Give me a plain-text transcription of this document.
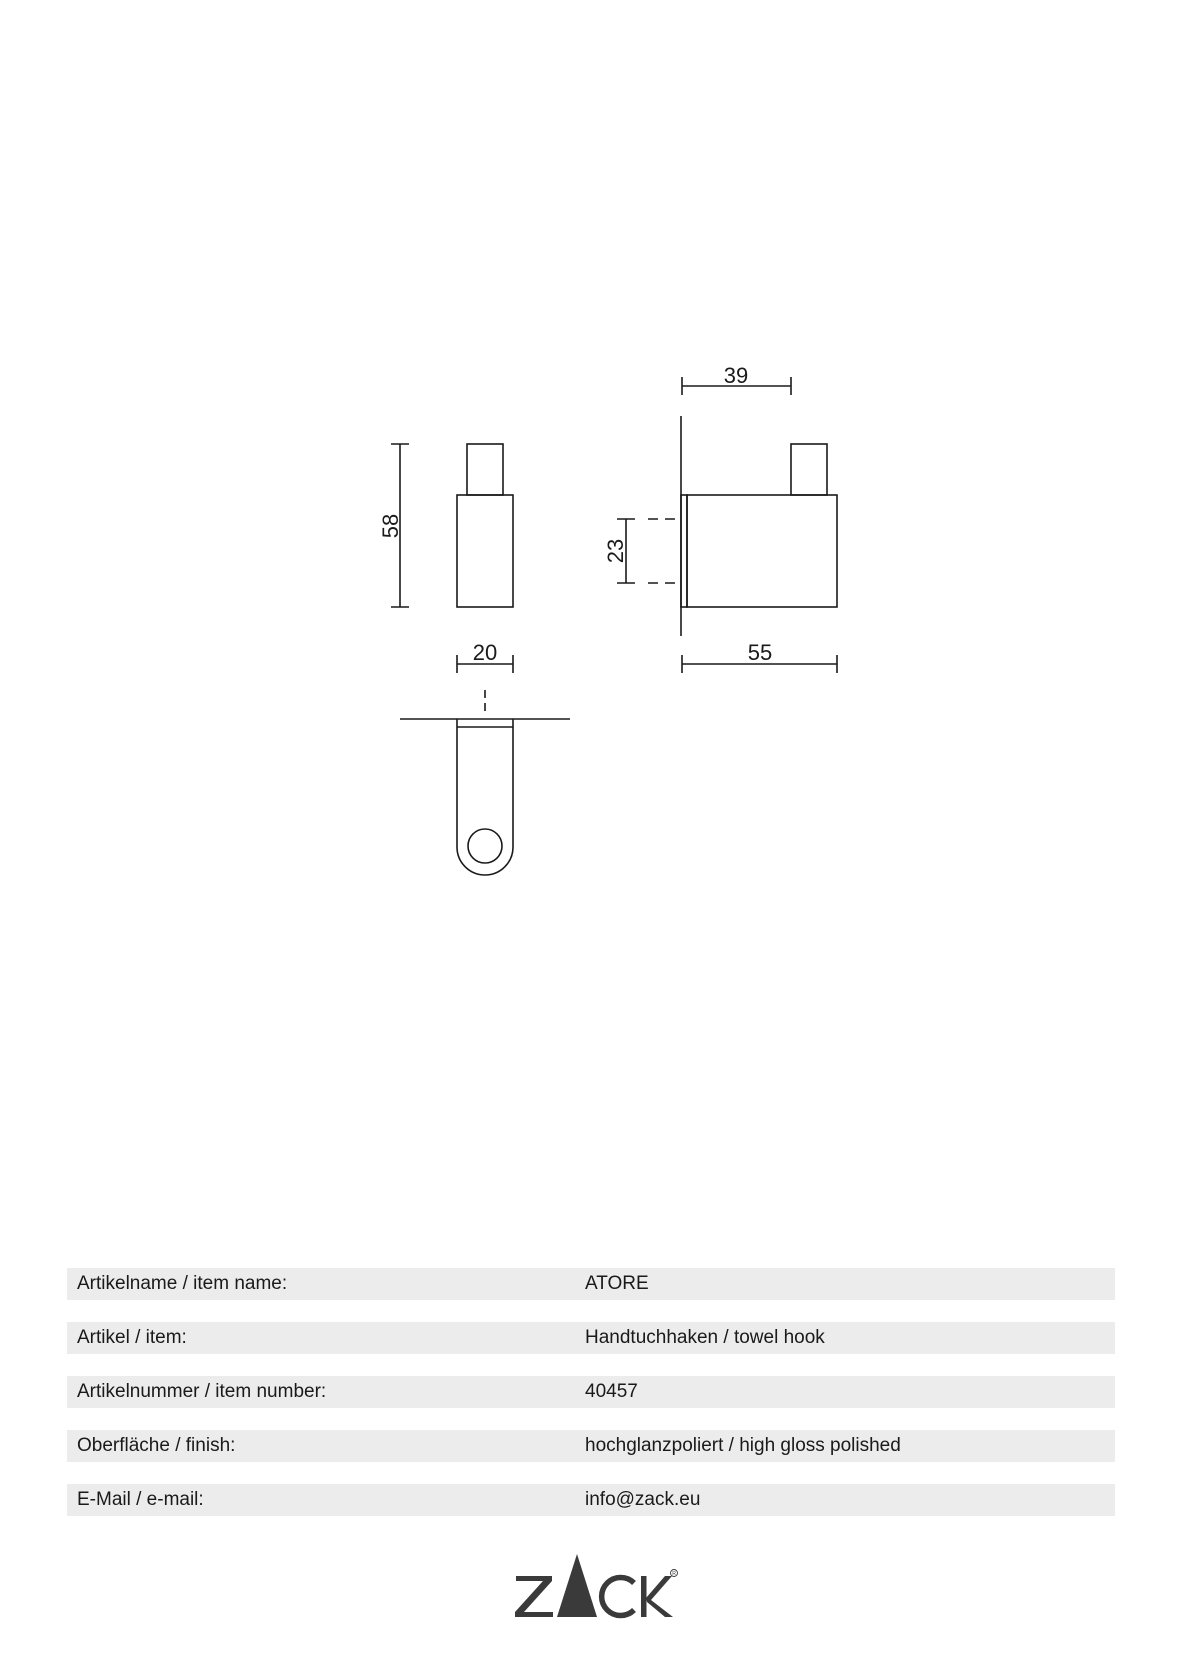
58
20
39
23
55
Artikelname / item name:	ATORE
Artikel / item:	Handtuchhaken / towel hook
Artikelnummer / item number:	40457
Oberfläche / finish:	hochglanzpoliert / high gloss polished
E-Mail / e-mail:	info@zack.eu
R
